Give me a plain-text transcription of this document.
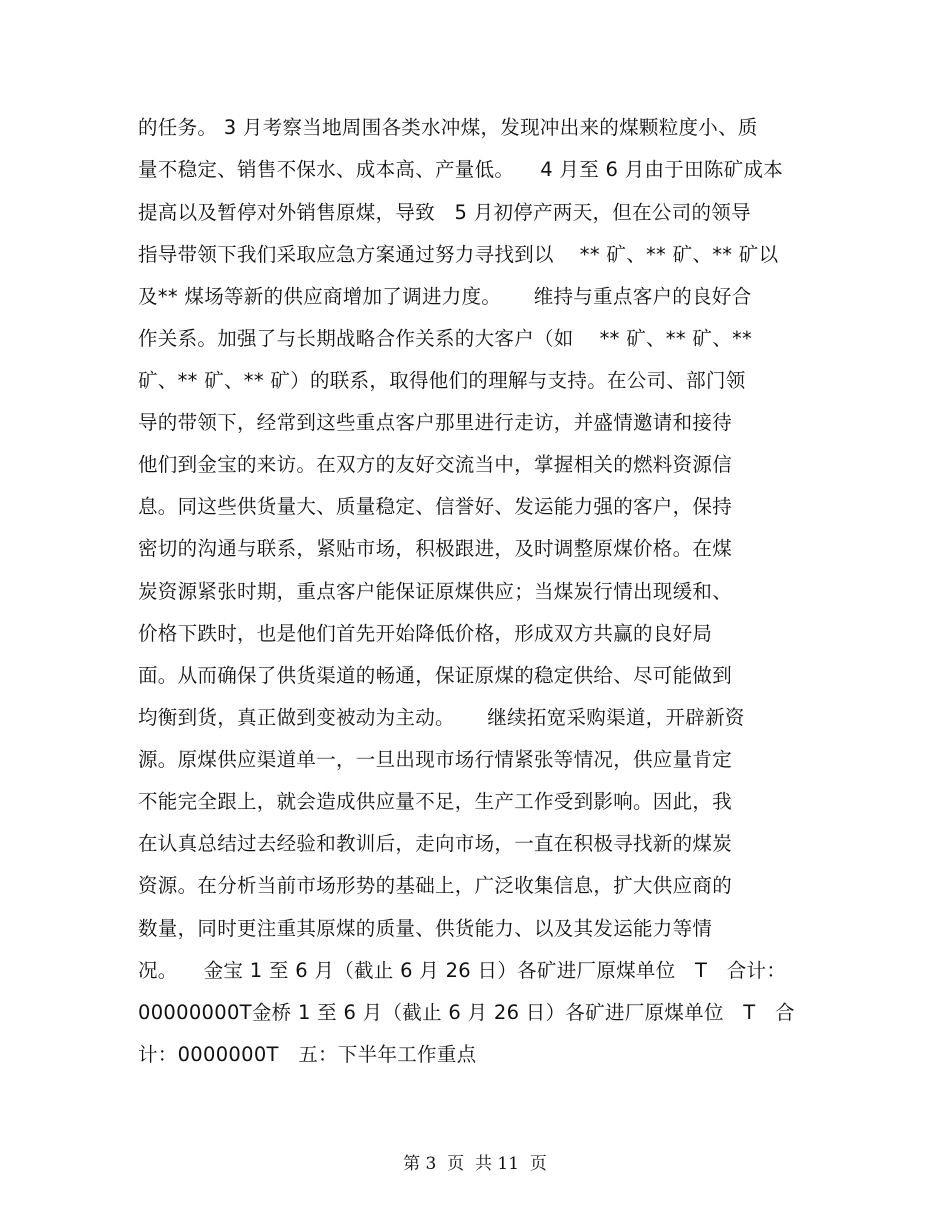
的任务。 3 月考察当地周围各类水冲煤，发现冲出来的煤颗粒度小、质
量不稳定、销售不保水、成本高、产量低。    4 月至 6 月由于田陈矿成本
提高以及暂停对外销售原煤，导致   5 月初停产两天，但在公司的领导
指导带领下我们采取应急方案通过努力寻找到以    ** 矿、** 矿、** 矿以
及** 煤场等新的供应商增加了调进力度。     维持与重点客户的良好合
作关系。加强了与长期战略合作关系的大客户（如    ** 矿、** 矿、**
矿、** 矿、** 矿）的联系，取得他们的理解与支持。在公司、部门领
导的带领下，经常到这些重点客户那里进行走访，并盛情邀请和接待
他们到金宝的来访。在双方的友好交流当中，掌握相关的燃料资源信
息。同这些供货量大、质量稳定、信誉好、发运能力强的客户，保持
密切的沟通与联系，紧贴市场，积极跟进，及时调整原煤价格。在煤
炭资源紧张时期，重点客户能保证原煤供应；当煤炭行情出现缓和、
价格下跌时，也是他们首先开始降低价格，形成双方共赢的良好局
面。从而确保了供货渠道的畅通，保证原煤的稳定供给、尽可能做到
均衡到货，真正做到变被动为主动。     继续拓宽采购渠道，开辟新资
源。原煤供应渠道单一，一旦出现市场行情紧张等情况，供应量肯定
不能完全跟上，就会造成供应量不足，生产工作受到影响。因此，我
在认真总结过去经验和教训后，走向市场，一直在积极寻找新的煤炭
资源。在分析当前市场形势的基础上，广泛收集信息，扩大供应商的
数量，同时更注重其原煤的质量、供货能力、以及其发运能力等情
况。    金宝 1 至 6 月（截止 6 月 26 日）各矿进厂原煤单位   T   合计：
00000000T金桥 1 至 6 月（截止 6 月 26 日）各矿进厂原煤单位   T   合
计：0000000T   五：下半年工作重点
第 3  页  共 11  页
